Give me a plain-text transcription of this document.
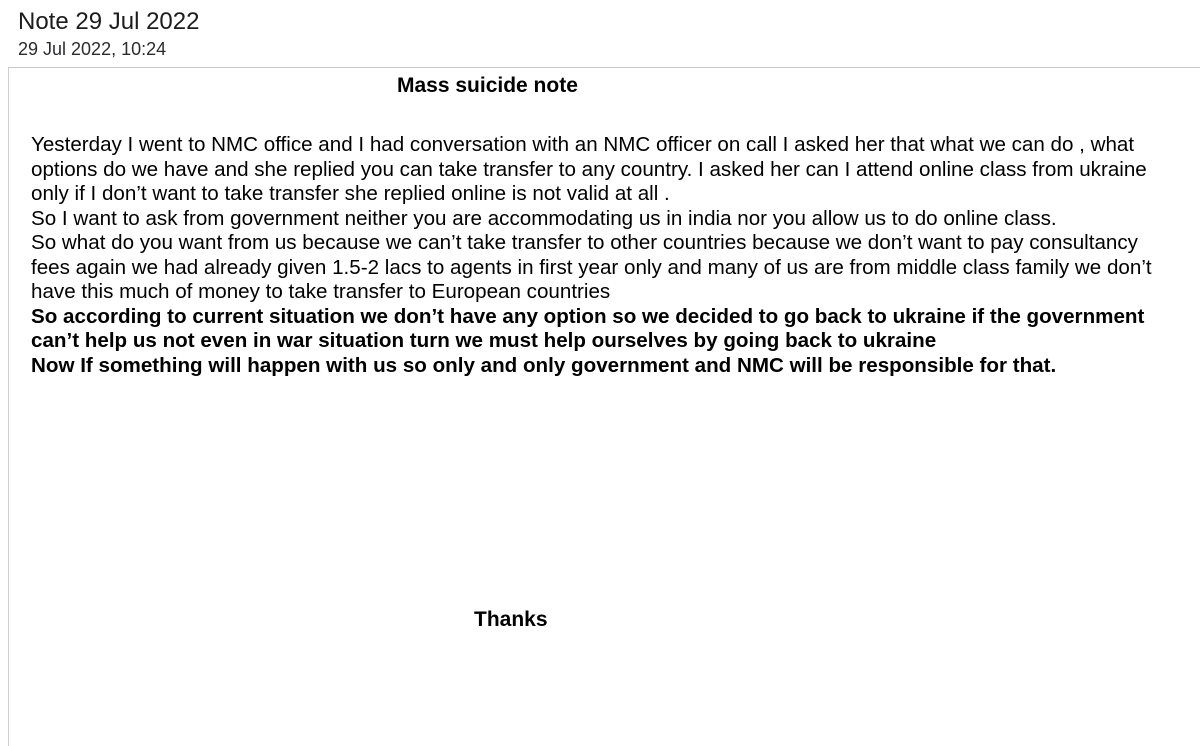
Note 29 Jul 2022
29 Jul 2022, 10:24
Mass suicide note

Yesterday I went to NMC office and I had conversation with an NMC officer on call I asked her that what we can do , what options do we have and she replied you can take transfer to any country. I asked her can I attend online class from ukraine only if I don’t want to take transfer she replied online is not valid at all .

So I want to ask from government neither you are accommodating us in india nor you allow us to do online class.

So what do you want from us because we can’t take transfer to other countries because we don’t want to pay consultancy fees again we had already given 1.5-2 lacs to agents in first year only and many of us are from middle class family we don’t have this much of money to take transfer to European countries

So according to current situation we don’t have any option so we decided to go back to ukraine if the government can’t help us not even in war situation turn we must help ourselves by going back to ukraine

Now If something will happen with us so only and only government and NMC will be responsible for that.

Thanks
